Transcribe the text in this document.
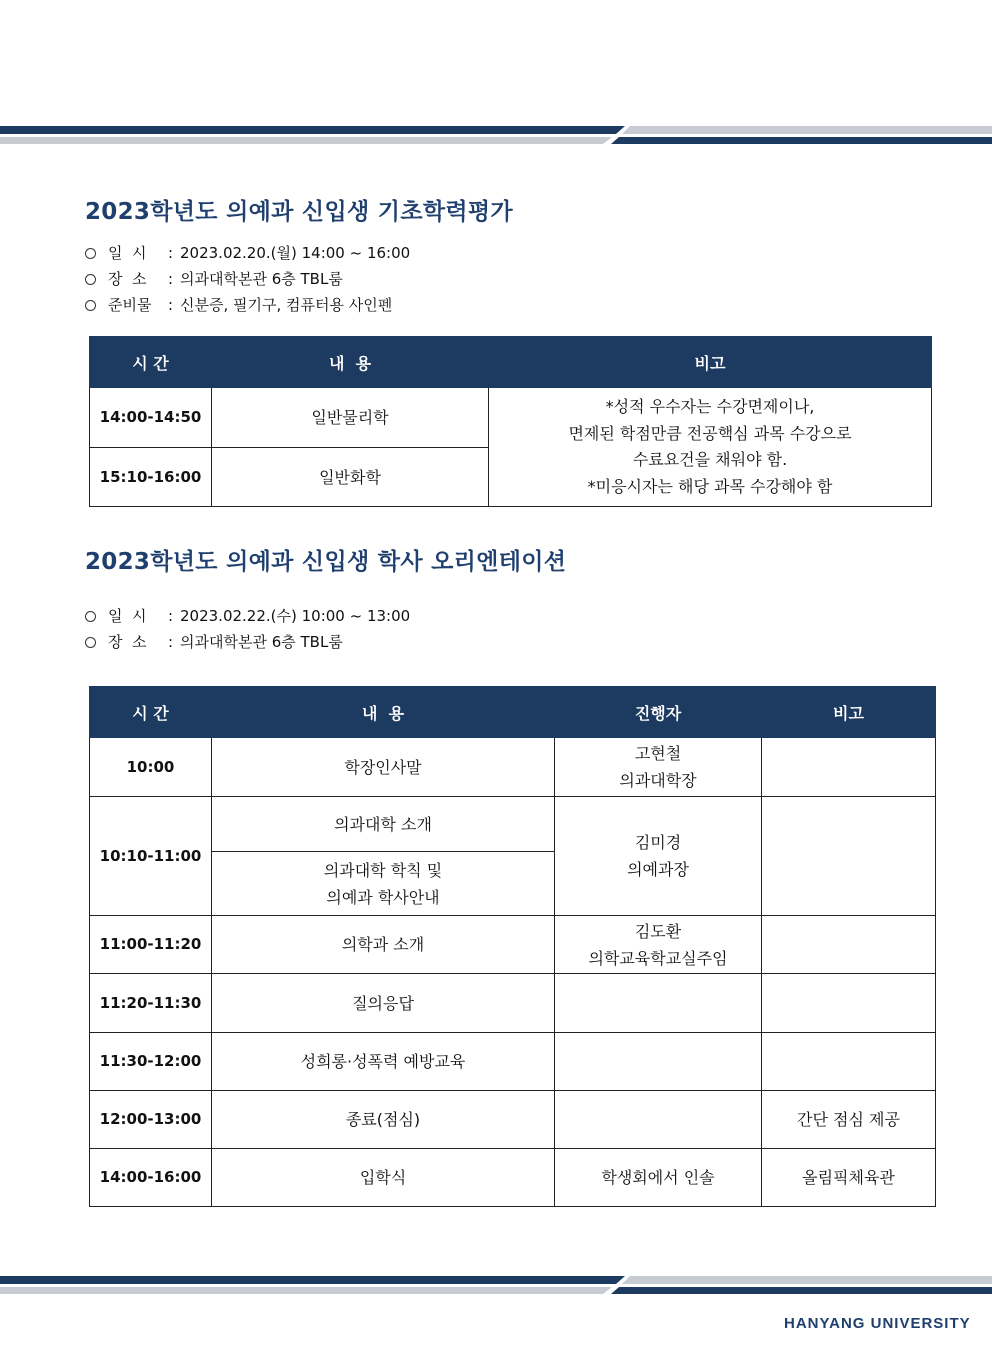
2023학년도 의예과 신입생 기초학력평가
일  시	: 2023.02.20.(월) 14:00 ~ 16:00
장  소	: 의과대학본관 6층 TBL룸
준비물	: 신분증, 필기구, 컴퓨터용 사인펜
시 간	내  용	비고
14:00-14:50	일반물리학	*성적 우수자는 수강면제이나,
면제된 학점만큼 전공핵심 과목 수강으로
수료요건을 채워야 함.
*미응시자는 해당 과목 수강해야 함

15:10-16:00	일반화학	
2023학년도 의예과 신입생 학사 오리엔테이션
일  시	: 2023.02.22.(수) 10:00 ~ 13:00
장  소	: 의과대학본관 6층 TBL룸
시 간	내  용	진행자	비고
10:00	학장인사말	고현철
의과대학장	

10:10-11:00	의과대학 소개	김미경
의예과장	

	의과대학 학칙 및
의예과 학사안내		

11:00-11:20	의학과 소개	김도환
의학교육학교실주임	

11:20-11:30	질의응답		
11:30-12:00	성희롱·성폭력 예방교육		
12:00-13:00	종료(점심)		간단 점심 제공
14:00-16:00	입학식	학생회에서 인솔	올림픽체육관
HANYANG UNIVERSITY
